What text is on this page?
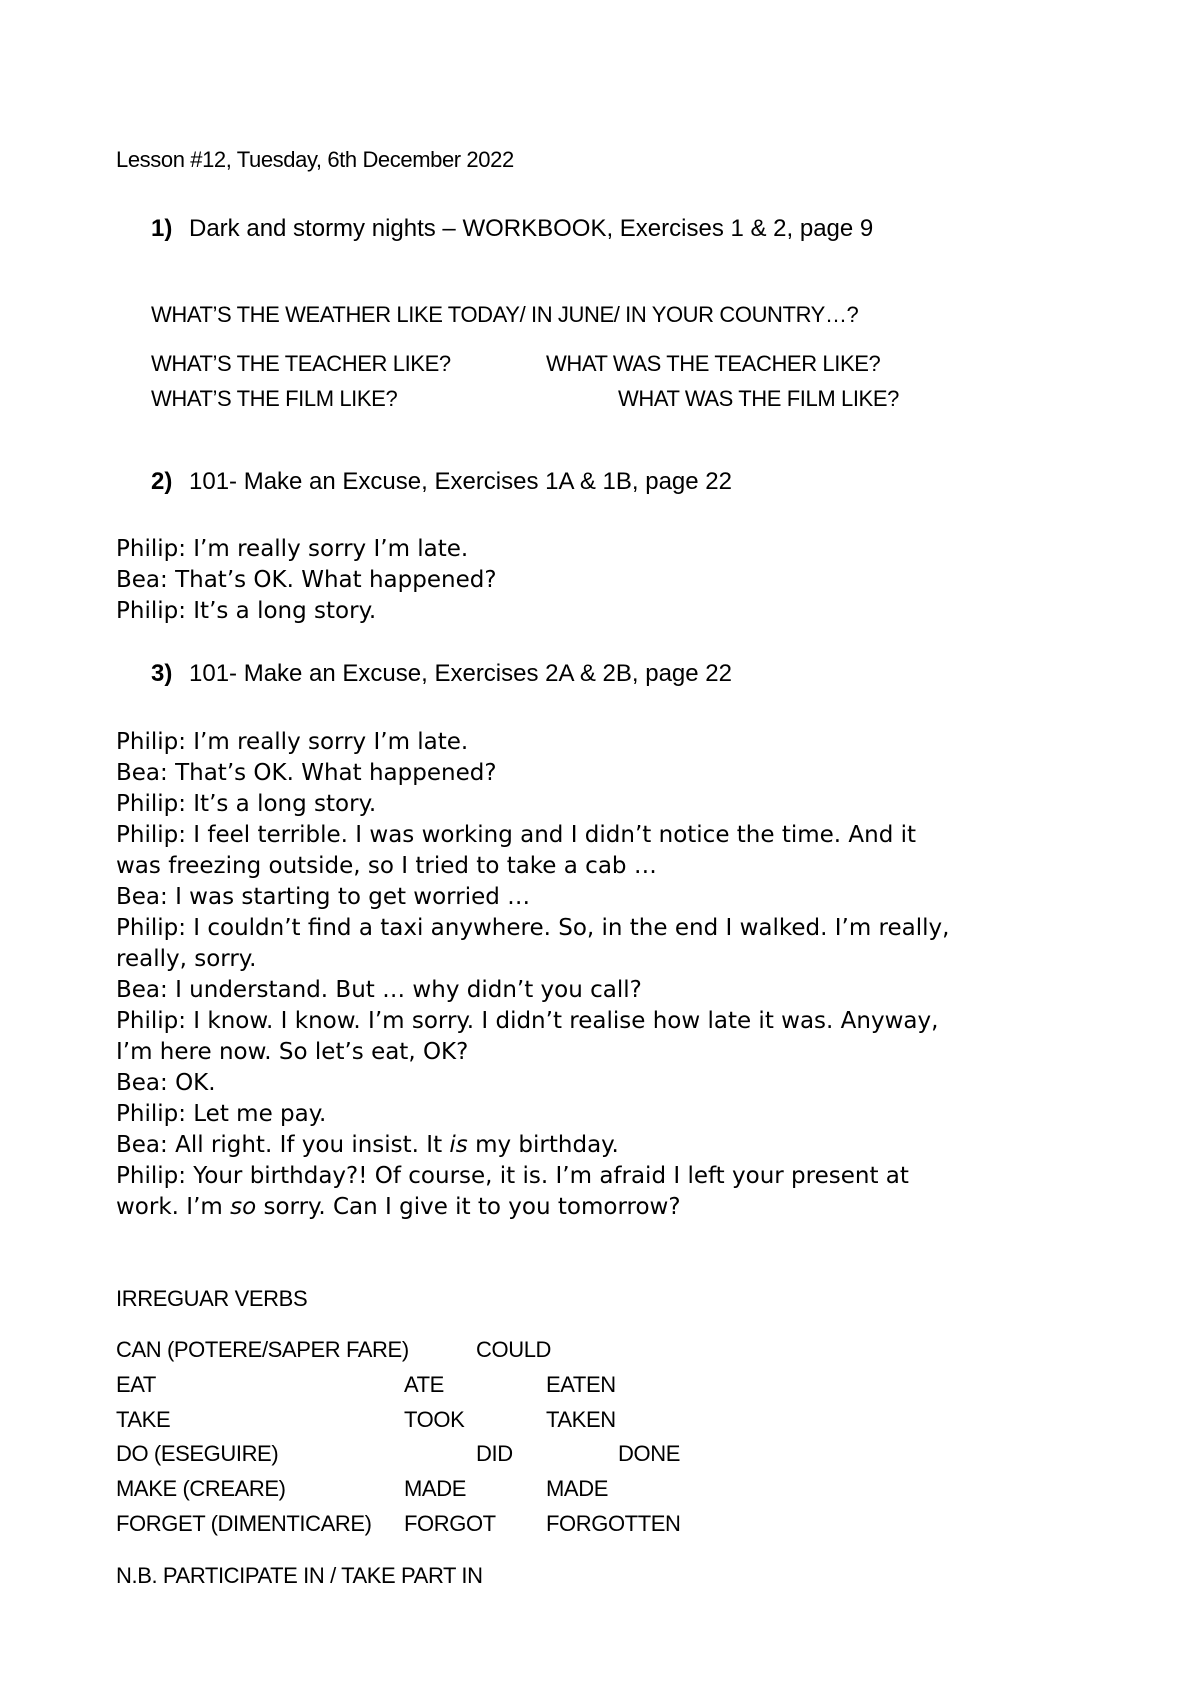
Lesson #12, Tuesday, 6th December 2022
1) Dark and stormy nights – WORKBOOK, Exercises 1 & 2, page 9
WHAT’S THE WEATHER LIKE TODAY/ IN JUNE/ IN YOUR COUNTRY…?
WHAT’S THE TEACHER LIKE?	WHAT WAS THE TEACHER LIKE?
WHAT’S THE FILM LIKE?	WHAT WAS THE FILM LIKE?
2) 101- Make an Excuse, Exercises 1A & 1B, page 22
Philip: I’m really sorry I’m late.
Bea: That’s OK. What happened?
Philip: It’s a long story.
3) 101- Make an Excuse, Exercises 2A & 2B, page 22
Philip: I’m really sorry I’m late.
Bea: That’s OK. What happened?
Philip: It’s a long story.
Philip: I feel terrible. I was working and I didn’t notice the time. And it
was freezing outside, so I tried to take a cab …
Bea: I was starting to get worried …
Philip: I couldn’t find a taxi anywhere. So, in the end I walked. I’m really,
really, sorry.
Bea: I understand. But … why didn’t you call?
Philip: I know. I know. I’m sorry. I didn’t realise how late it was. Anyway,
I’m here now. So let’s eat, OK?
Bea: OK.
Philip: Let me pay.
Bea: All right. If you insist. It is my birthday.
Philip: Your birthday?! Of course, it is. I’m afraid I left your present at
work. I’m so sorry. Can I give it to you tomorrow?
IRREGUAR VERBS
CAN (POTERE/SAPER FARE)	COULD
EAT	ATE	EATEN
TAKE	TOOK	TAKEN
DO (ESEGUIRE)	DID	DONE
MAKE (CREARE)	MADE	MADE
FORGET (DIMENTICARE) FORGOT FORGOTTEN
N.B. PARTICIPATE IN / TAKE PART IN
